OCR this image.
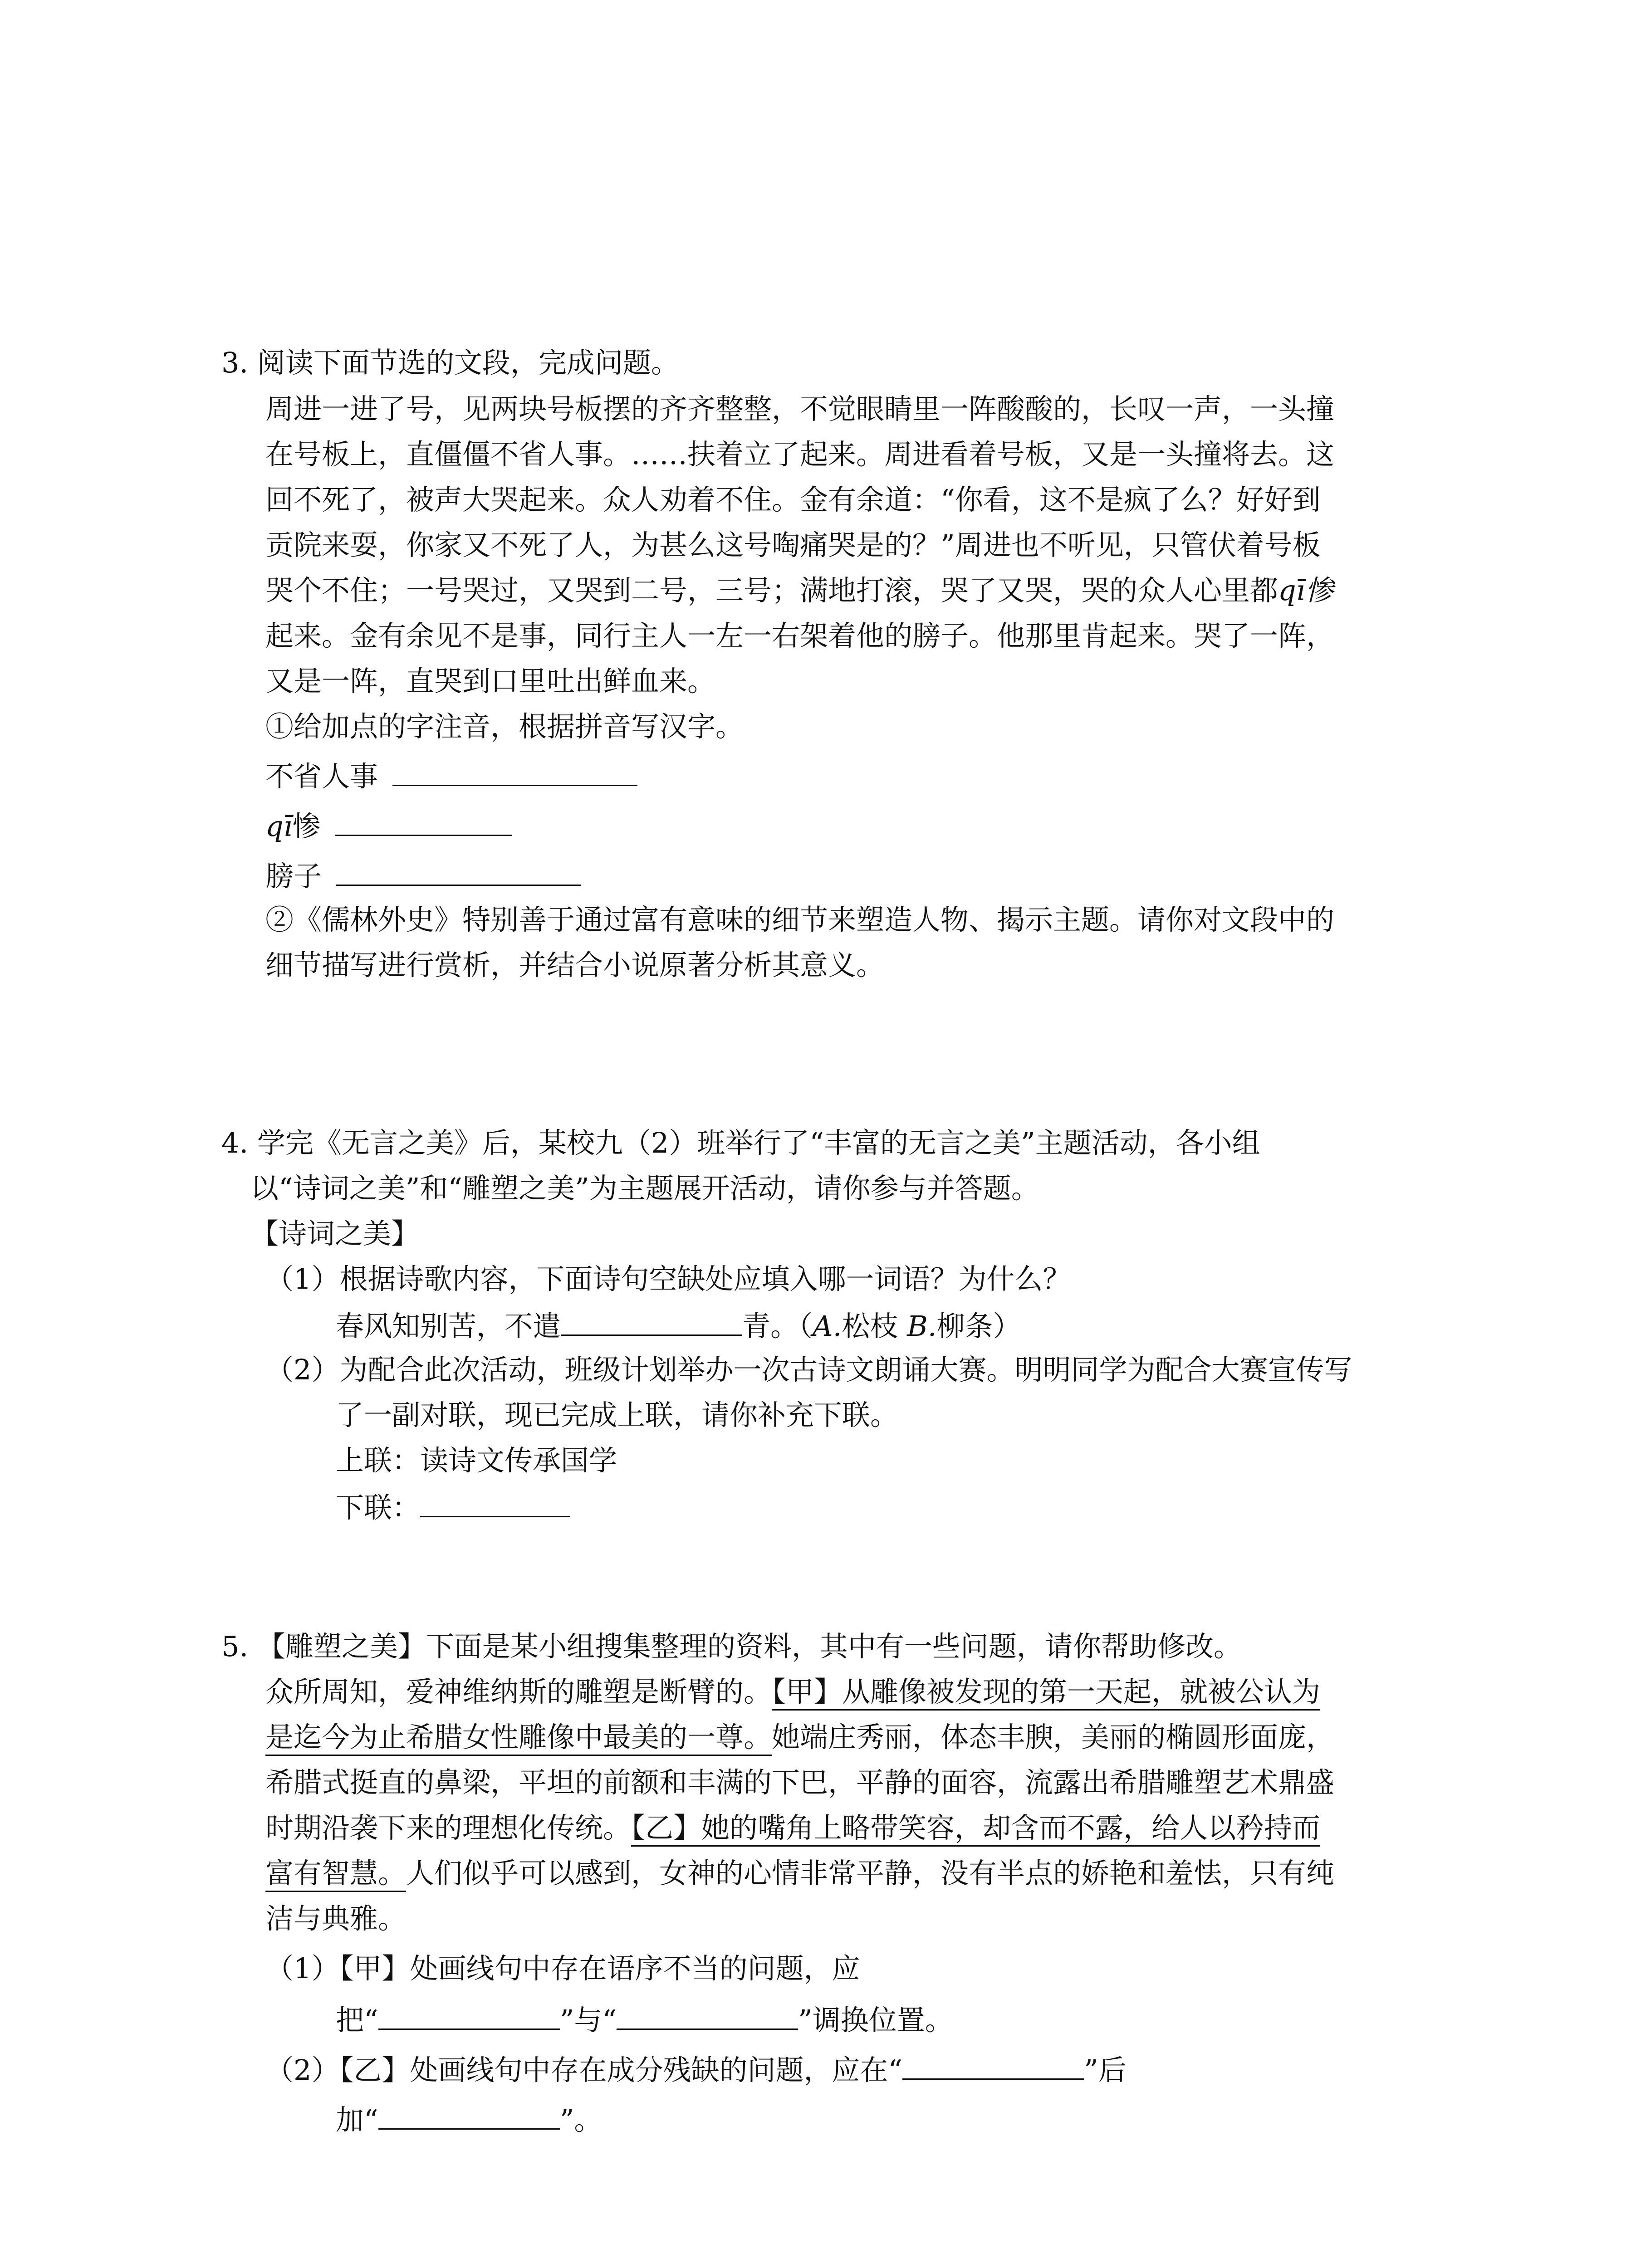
3. 阅读下面节选的文段，完成问题。
周进一进了号，见两块号板摆的齐齐整整，不觉眼睛里一阵酸酸的，长叹一声，一头撞
在号板上，直僵僵不省人事。……扶着立了起来。周进看着号板，又是一头撞将去。这
回不死了，被声大哭起来。众人劝着不住。金有余道：“你看，这不是疯了么？好好到
贡院来耍，你家又不死了人，为甚么这号啕痛哭是的？”周进也不听见，只管伏着号板
哭个不住；一号哭过，又哭到二号，三号；满地打滚，哭了又哭，哭的众人心里都qī惨
起来。金有余见不是事，同行主人一左一右架着他的膀子。他那里肯起来。哭了一阵，
又是一阵，直哭到口里吐出鲜血来。
①给加点的字注音，根据拼音写汉字。
不省人事
qī惨
膀子
②《儒林外史》特别善于通过富有意味的细节来塑造人物、揭示主题。请你对文段中的
细节描写进行赏析，并结合小说原著分析其意义。
4. 学完《无言之美》后，某校九（2）班举行了“丰富的无言之美”主题活动，各小组
以“诗词之美”和“雕塑之美”为主题展开活动，请你参与并答题。
【诗词之美】
（1）根据诗歌内容，下面诗句空缺处应填入哪一词语？为什么？
春风知别苦，不遣	青。（A.松枝 B.柳条）
（2）为配合此次活动，班级计划举办一次古诗文朗诵大赛。明明同学为配合大赛宣传写
了一副对联，现已完成上联，请你补充下联。
上联：读诗文传承国学
下联：
5. 【雕塑之美】下面是某小组搜集整理的资料，其中有一些问题，请你帮助修改。
众所周知，爱神维纳斯的雕塑是断臂的。【甲】从雕像被发现的第一天起，就被公认为
是迄今为止希腊女性雕像中最美的一尊。她端庄秀丽，体态丰腴，美丽的椭圆形面庞，
希腊式挺直的鼻梁，平坦的前额和丰满的下巴，平静的面容，流露出希腊雕塑艺术鼎盛
时期沿袭下来的理想化传统。【乙】她的嘴角上略带笑容，却含而不露，给人以矜持而
富有智慧。人们似乎可以感到，女神的心情非常平静，没有半点的娇艳和羞怯，只有纯
洁与典雅。
（1）【甲】处画线句中存在语序不当的问题，应
把“	”与“	”调换位置。
（2）【乙】处画线句中存在成分残缺的问题，应在“	”后
加“	”。
